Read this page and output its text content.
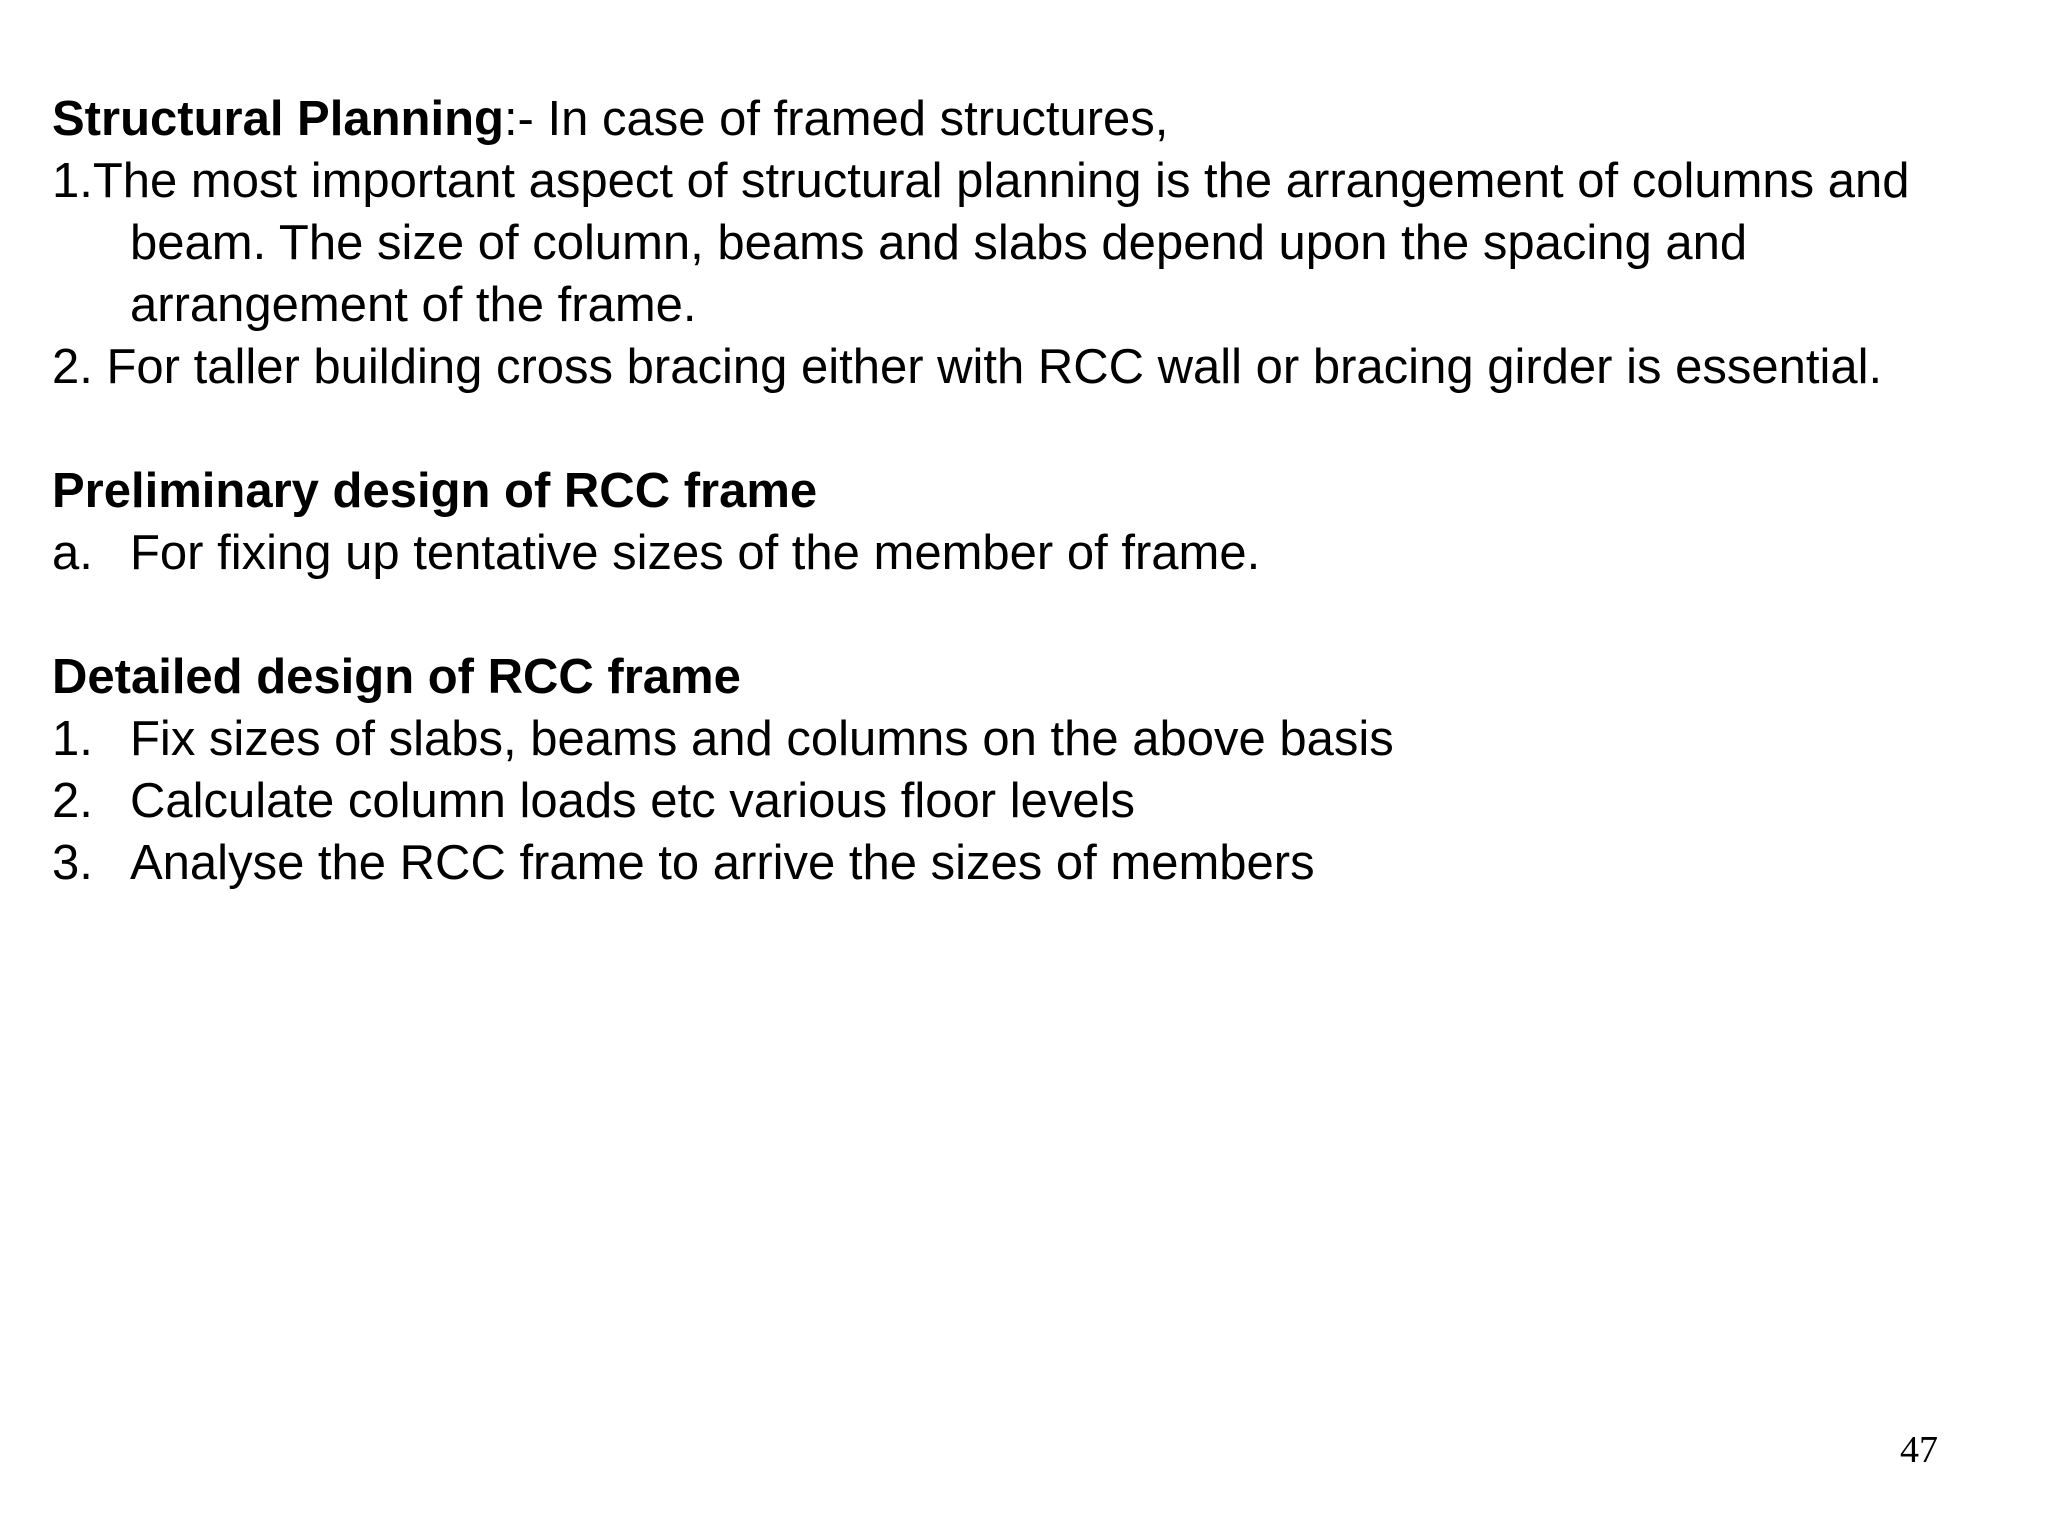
Structural Planning:- In case of framed structures,
1.The most important aspect of structural planning is the arrangement of columns and
beam. The size of column, beams and slabs depend upon the spacing and
arrangement of the frame.
2. For taller building cross bracing either with RCC wall or bracing girder is essential.
Preliminary design of RCC frame
a. For fixing up tentative sizes of the member of frame.
Detailed design of RCC frame
1. Fix sizes of slabs, beams and columns on the above basis
2. Calculate column loads etc various floor levels
3. Analyse the RCC frame to arrive the sizes of members
47
